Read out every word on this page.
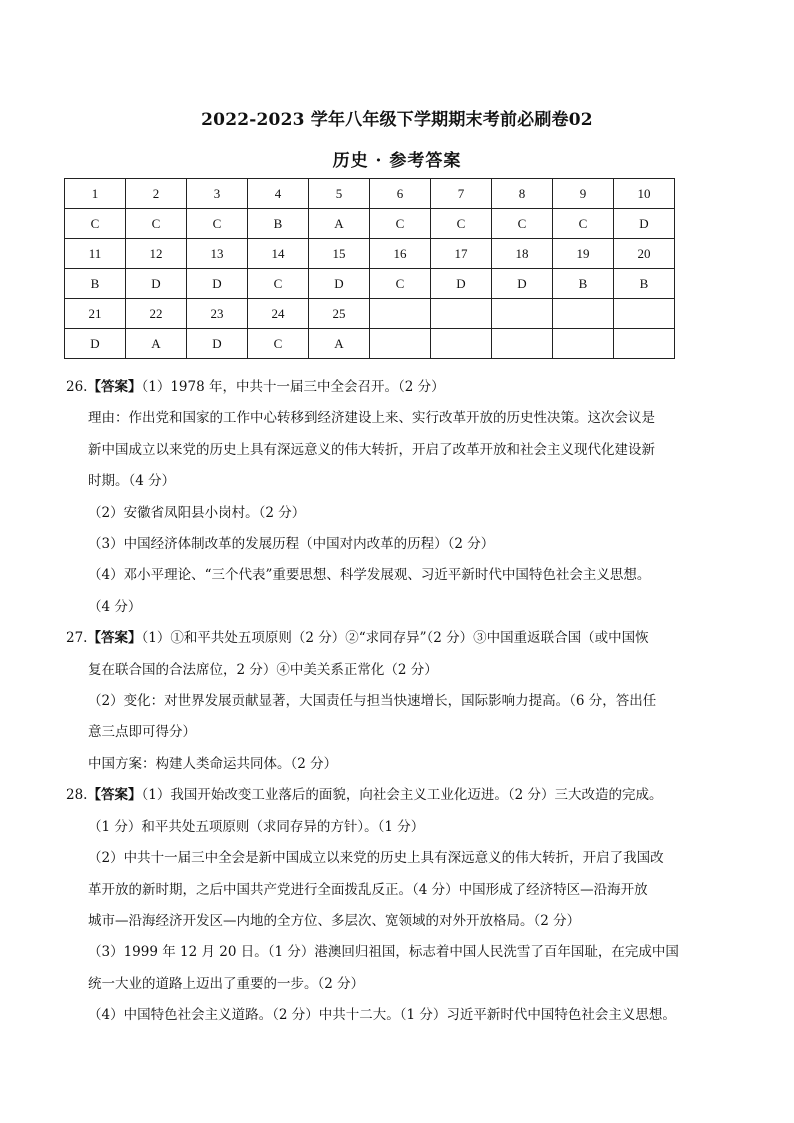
2022-2023 学年八年级下学期期末考前必刷卷02
历史 · 参考答案
1	2	3	4	5	6	7	8	9	10
C	C	C	B	A	C	C	C	C	D
11	12	13	14	15	16	17	18	19	20
B	D	D	C	D	C	D	D	B	B
21	22	23	24	25					
D	A	D	C	A					

26.【答案】（1）1978 年，中共十一届三中全会召开。（2 分）

理由：作出党和国家的工作中心转移到经济建设上来、实行改革开放的历史性决策。这次会议是

新中国成立以来党的历史上具有深远意义的伟大转折，开启了改革开放和社会主义现代化建设新

时期。（4 分）

（2）安徽省凤阳县小岗村。（2 分）

（3）中国经济体制改革的发展历程（中国对内改革的历程）（2 分）

（4）邓小平理论、“三个代表”重要思想、科学发展观、习近平新时代中国特色社会主义思想。

（4 分）

27.【答案】（1）①和平共处五项原则（2 分）②“求同存异”（2 分）③中国重返联合国（或中国恢

复在联合国的合法席位，2 分）④中美关系正常化（2 分）

（2）变化：对世界发展贡献显著，大国责任与担当快速增长，国际影响力提高。（6 分，答出任

意三点即可得分）

中国方案：构建人类命运共同体。（2 分）

28.【答案】（1）我国开始改变工业落后的面貌，向社会主义工业化迈进。（2 分）三大改造的完成。

（1 分）和平共处五项原则（求同存异的方针）。（1 分）

（2）中共十一届三中全会是新中国成立以来党的历史上具有深远意义的伟大转折，开启了我国改

革开放的新时期，之后中国共产党进行全面拨乱反正。（4 分）中国形成了经济特区—沿海开放

城市—沿海经济开发区—内地的全方位、多层次、宽领域的对外开放格局。（2 分）

（3）1999 年 12 月 20 日。（1 分）港澳回归祖国，标志着中国人民洗雪了百年国耻，在完成中国

统一大业的道路上迈出了重要的一步。（2 分）

（4）中国特色社会主义道路。（2 分）中共十二大。（1 分）习近平新时代中国特色社会主义思想。
